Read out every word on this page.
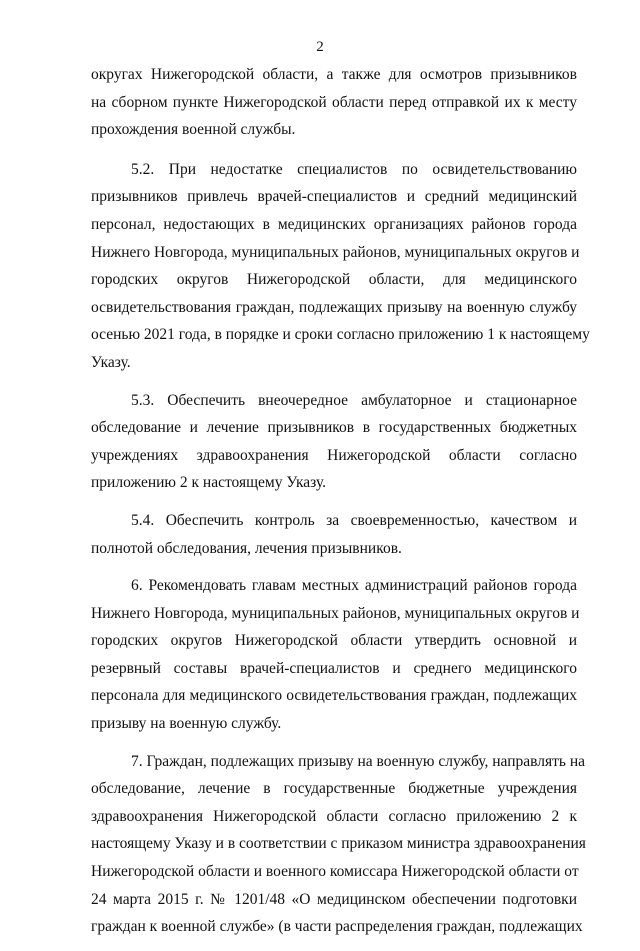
2
округах Нижегородской области, а также для осмотров призывников
на сборном пункте Нижегородской области перед отправкой их к месту
прохождения военной службы.
5.2. При недостатке специалистов по освидетельствованию
призывников привлечь врачей-специалистов и средний медицинский
персонал, недостающих в медицинских организациях районов города
Нижнего Новгорода, муниципальных районов, муниципальных округов и
городских округов Нижегородской области, для медицинского
освидетельствования граждан, подлежащих призыву на военную службу
осенью 2021 года, в порядке и сроки согласно приложению 1 к настоящему
Указу.
5.3. Обеспечить внеочередное амбулаторное и стационарное
обследование и лечение призывников в государственных бюджетных
учреждениях здравоохранения Нижегородской области согласно
приложению 2 к настоящему Указу.
5.4. Обеспечить контроль за своевременностью, качеством и
полнотой обследования, лечения призывников.
6. Рекомендовать главам местных администраций районов города
Нижнего Новгорода, муниципальных районов, муниципальных округов и
городских округов Нижегородской области утвердить основной и
резервный составы врачей-специалистов и среднего медицинского
персонала для медицинского освидетельствования граждан, подлежащих
призыву на военную службу.
7. Граждан, подлежащих призыву на военную службу, направлять на
обследование, лечение в государственные бюджетные учреждения
здравоохранения Нижегородской области согласно приложению 2 к
настоящему Указу и в соответствии с приказом министра здравоохранения
Нижегородской области и военного комиссара Нижегородской области от
24 марта 2015 г. № 1201/48 «О медицинском обеспечении подготовки
граждан к военной службе» (в части распределения граждан, подлежащих
